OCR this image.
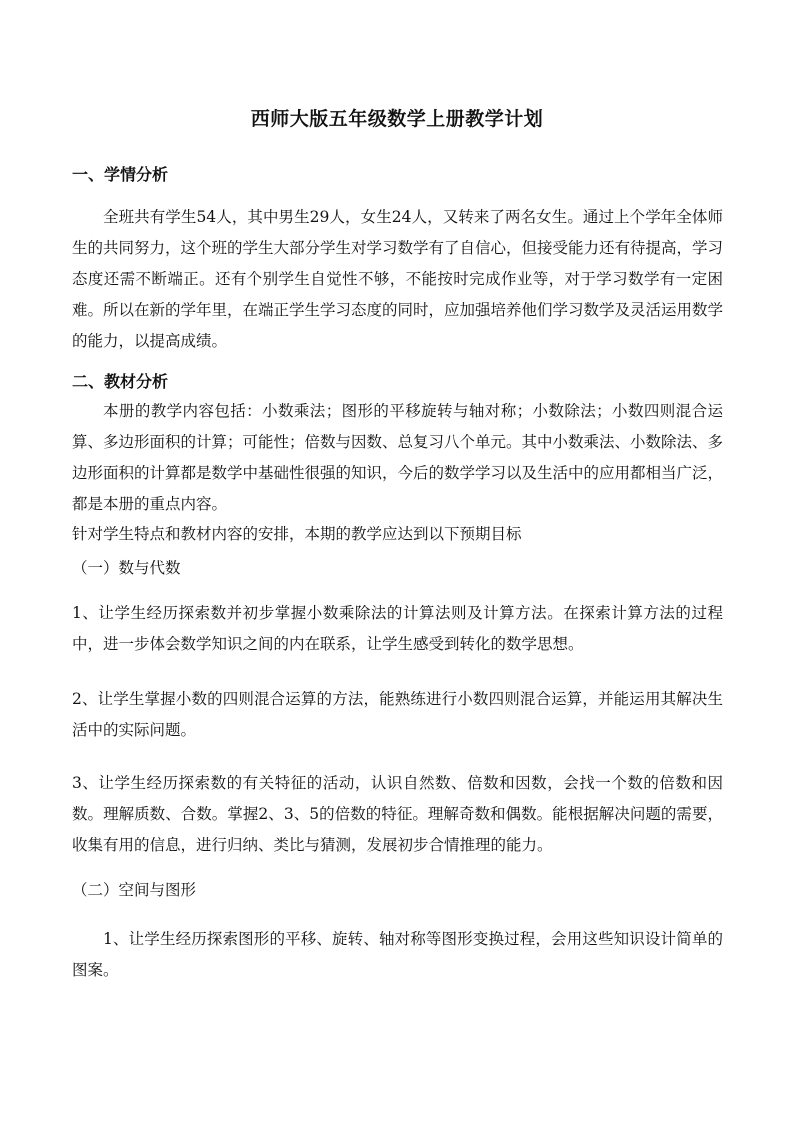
西师大版五年级数学上册教学计划
一、学情分析
全班共有学生54人，其中男生29人，女生24人，又转来了两名女生。通过上个学年全体师生的共同努力，这个班的学生大部分学生对学习数学有了自信心，但接受能力还有待提高，学习态度还需不断端正。还有个别学生自觉性不够，不能按时完成作业等，对于学习数学有一定困难。所以在新的学年里，在端正学生学习态度的同时，应加强培养他们学习数学及灵活运用数学的能力，以提高成绩。
二、教材分析
本册的教学内容包括：小数乘法；图形的平移旋转与轴对称；小数除法；小数四则混合运算、多边形面积的计算；可能性；倍数与因数、总复习八个单元。其中小数乘法、小数除法、多边形面积的计算都是数学中基础性很强的知识，今后的数学学习以及生活中的应用都相当广泛，都是本册的重点内容。
针对学生特点和教材内容的安排，本期的教学应达到以下预期目标
（一）数与代数
1、让学生经历探索数并初步掌握小数乘除法的计算法则及计算方法。在探索计算方法的过程中，进一步体会数学知识之间的内在联系，让学生感受到转化的数学思想。
2、让学生掌握小数的四则混合运算的方法，能熟练进行小数四则混合运算，并能运用其解决生活中的实际问题。
3、让学生经历探索数的有关特征的活动，认识自然数、倍数和因数，会找一个数的倍数和因数。理解质数、合数。掌握2、3、5的倍数的特征。理解奇数和偶数。能根据解决问题的需要，收集有用的信息，进行归纳、类比与猜测，发展初步合情推理的能力。
（二）空间与图形
1、让学生经历探索图形的平移、旋转、轴对称等图形变换过程，会用这些知识设计简单的图案。
